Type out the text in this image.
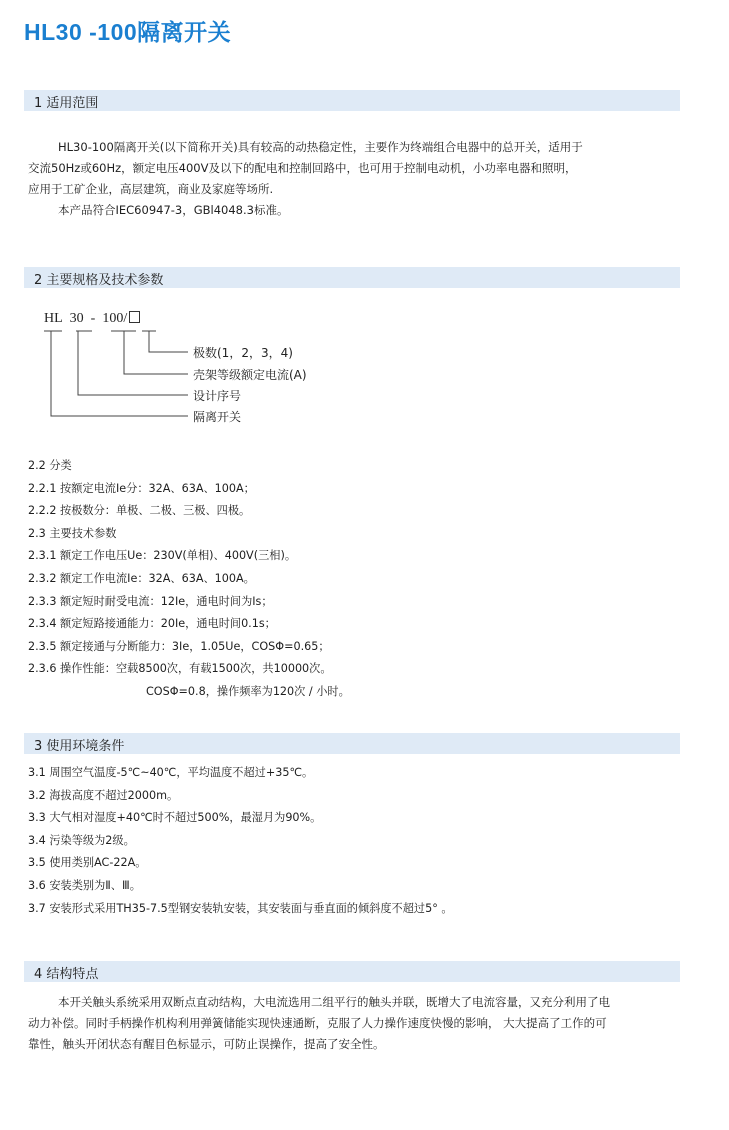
HL30 -100隔离开关
1 适用范围

HL30-100隔离开关(以下简称开关)具有较高的动热稳定性，主要作为终端组合电器中的总开关，适用于

交流50Hz或60Hz，额定电压400V及以下的配电和控制回路中，也可用于控制电动机，小功率电器和照明，

应用于工矿企业，高层建筑，商业及家庭等场所.

本产品符合IEC60947-3，GBl4048.3标准。

2 主要规格及技术参数
HL 30 - 100/
极数(1，2，3，4)
壳架等级额定电流(A)
设计序号
隔离开关
2.2 分类
2.2.1 按额定电流Ie分：32A、63A、100A；
2.2.2 按极数分：单极、二极、三极、四极。
2.3 主要技术参数
2.3.1 额定工作电压Ue：230V(单相)、400V(三相)。
2.3.2 额定工作电流Ie：32A、63A、100A。
2.3.3 额定短时耐受电流：12Ie，通电时间为Is；
2.3.4 额定短路接通能力：20Ie，通电时间0.1s；
2.3.5 额定接通与分断能力：3Ie，1.05Ue，COSΦ=0.65；
2.3.6 操作性能：空载8500次，有载1500次，共10000次。
COSΦ=0.8，操作频率为120次 / 小时。
3 使用环境条件
3.1 周围空气温度-5℃~40℃，平均温度不超过+35℃。
3.2 海拔高度不超过2000m。
3.3 大气相对湿度+40℃时不超过500%，最湿月为90%。
3.4 污染等级为2级。
3.5 使用类别AC-22A。
3.6 安装类别为Ⅱ、Ⅲ。
3.7 安装形式采用TH35-7.5型钢安装轨安装，其安装面与垂直面的倾斜度不超过5° 。
4 结构特点

本开关触头系统采用双断点直动结构，大电流选用二组平行的触头并联，既增大了电流容量，又充分利用了电

动力补偿。同时手柄操作机构利用弹簧储能实现快速通断，克服了人力操作速度快慢的影响， 大大提高了工作的可

靠性，触头开闭状态有醒目色标显示，可防止误操作，提高了安全性。
